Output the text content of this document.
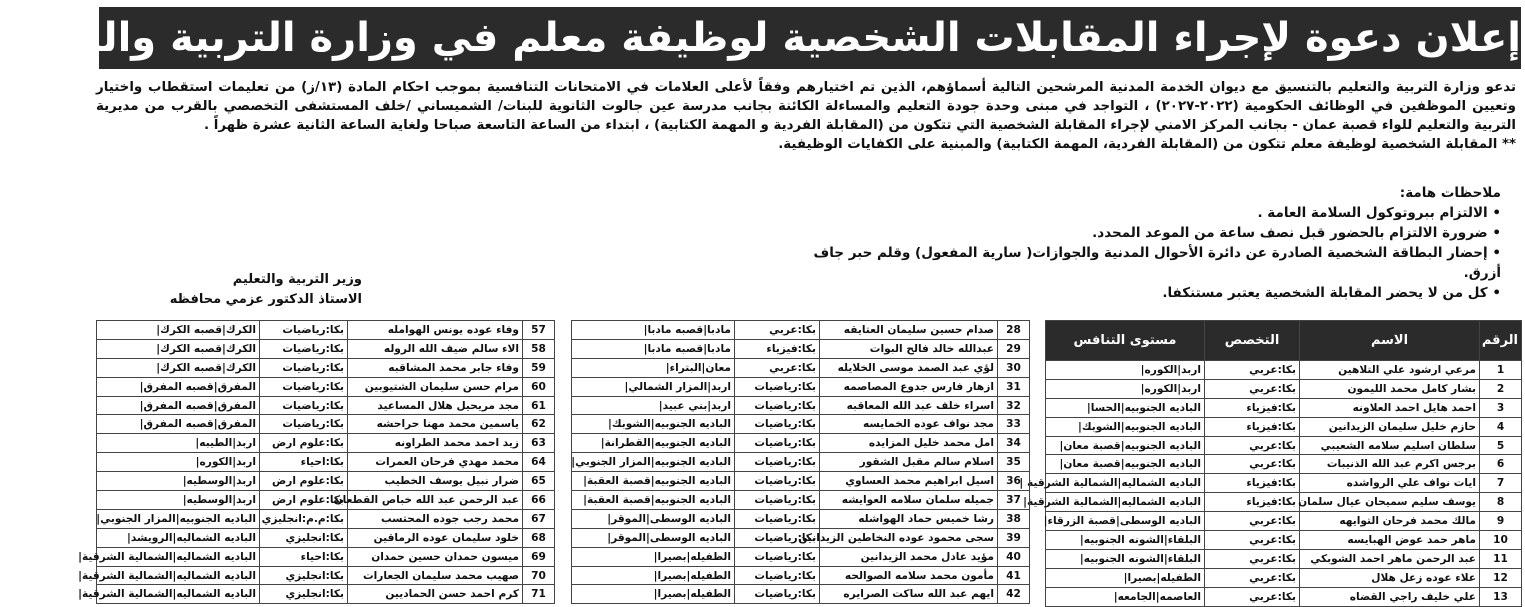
إعلان دعوة لإجراء المقابلات الشخصية لوظيفة معلم في وزارة التربية والتعليم

تدعو وزارة التربية والتعليم بالتنسيق مع ديوان الخدمة المدنية المرشحين التالية أسماؤهم، الذين تم اختيارهم وفقاً لأعلى العلامات في الامتحانات التنافسية بموجب احكام المادة (١٣/ز) من تعليمات استقطاب واختيار وتعيين الموظفين في الوظائف الحكومية (٢٠٢٢-٢٠٢٧) ، التواجد في مبنى وحدة جودة التعليم والمساءلة الكائنة بجانب مدرسة عين جالوت الثانوية للبنات/ الشميساني /خلف المستشفى التخصصي بالقرب من مديرية التربية والتعليم للواء قصبة عمان - بجانب المركز الامني لإجراء المقابلة الشخصية التي تتكون من (المقابلة الفردية و المهمة الكتابية) ، ابتداء من الساعة التاسعة صباحا ولغاية الساعة الثانية عشرة ظهراً .

** المقابلة الشخصية لوظيفة معلم تتكون من (المقابلة الفردية، المهمة الكتابية) والمبنية على الكفايات الوظيفية.

ملاحظات هامة:
• الالتزام ببروتوكول السلامة العامة .
• ضرورة الالتزام بالحضور قبل نصف ساعة من الموعد المحدد.
• إحضار البطاقة الشخصية الصادرة عن دائرة الأحوال المدنية والجوازات( سارية المفعول) وقلم حبر جاف أزرق.
• كل من لا يحضر المقابلة الشخصية يعتبر مستنكفا.
وزير التربية والتعليم
الاستاذ الدكتور عزمي محافظه
الرقم	الاسم	التخصص	مستوى التنافس
1	مرعي ارشود علي التلاهين	بكا:عربي	اربد|الكوره|
2	بشار كامل محمد الليمون	بكا:عربي	اربد|الكوره|
3	احمد هايل احمد العلاونه	بكا:فيزياء	الباديه الجنوبيه|الحسا|
4	حازم خليل سليمان الزيدانين	بكا:فيزياء	الباديه الجنوبيه|الشوبك|
5	سلطان اسليم سلامه الشعيبي	بكا:عربي	الباديه الجنوبيه|قصبة معان|
6	برجس اكرم عبد الله الذنيبات	بكا:عربي	الباديه الجنوبيه|قصبة معان|
7	ايات نواف علي الرواشده	بكا:فيزياء	الباديه الشماليه|الشمالية الشرقية |
8	يوسف سليم سميحان عيال سلمان	بكا:فيزياء	الباديه الشماليه|الشمالية الشرقية|
9	مالك محمد فرحان التوايهه	بكا:عربي	الباديه الوسطى|قصبة الزرقاء|
10	ماهر حمد عوض الهبايسه	بكا:عربي	البلقاء|الشونه الجنوبيه|
11	عبد الرحمن ماهر احمد الشوبكي	بكا:عربي	البلقاء|الشونه الجنوبيه|
12	علاء عوده زعل هلال	بكا:عربي	الطفيله|بصيرا|
13	علي خليف راجي القضاه	بكا:عربي	العاصمه|الجامعه|
28	صدام حسين سليمان العتايقه	بكا:عربي	مادبا|قصبه مادبا|
29	عبدالله خالد فالح البوات	بكا:فيزياء	مادبا|قصبه مادبا|
30	لؤي عبد الصمد موسى الخلايله	بكا:عربي	معان|البتراء|
31	ازهار فارس جدوع المصاصمه	بكا:رياضيات	اربد|المزار الشمالي|
32	اسراء خلف عبد الله المعاقبه	بكا:رياضيات	اربد|بني عبيد|
33	مجد نواف عوده الخمايسه	بكا:رياضيات	الباديه الجنوبيه|الشوبك|
34	امل محمد خليل المزايده	بكا:رياضيات	الباديه الجنوبيه|القطرانة|
35	اسلام سالم مقبل الشقور	بكا:رياضيات	الباديه الجنوبيه|المزار الجنوبي|
36	اسيل ابراهيم محمد العساوي	بكا:رياضيات	الباديه الجنوبيه|قصبة العقبة|
37	جميله سلمان سلامه العوايشه	بكا:رياضيات	الباديه الجنوبيه|قصبة العقبة|
38	رشا خميس حماد الهواشله	بكا:رياضيات	الباديه الوسطى|الموقر|
39	سجى محمود عوده النخاطين الزيدانين	بكا:رياضيات	الباديه الوسطى|الموقر|
40	مؤيد عادل محمد الزيدانين	بكا:رياضيات	الطفيله|بصيرا|
41	مأمون محمد سلامه الصوالحه	بكا:رياضيات	الطفيله|بصيرا|
42	ايهم عبد الله ساكت الصرايره	بكا:رياضيات	الطفيله|بصيرا|
57	وفاء عوده يونس الهوامله	بكا:رياضيات	الكرك|قصبه الكرك|
58	الاء سالم ضيف الله الروله	بكا:رياضيات	الكرك|قصبه الكرك|
59	وفاء جابر محمد المشاقبه	بكا:رياضيات	الكرك|قصبه الكرك|
60	مرام حسن سليمان الشتيوبين	بكا:رياضيات	المفرق|قصبه المفرق|
61	مجد مريحيل هلال المساعيد	بكا:رياضيات	المفرق|قصبه المفرق|
62	ياسمين محمد مهنا حراحشه	بكا:رياضيات	المفرق|قصبه المفرق|
63	زيد احمد محمد الطراونه	بكا:علوم ارض	اربد|الطيبه|
64	محمد مهدي فرحان العمرات	بكا:احياء	اربد|الكوره|
65	ضرار نبيل يوسف الخطيب	بكا:علوم ارض	اربد|الوسطيه|
66	عبد الرحمن عبد الله خباص القطعان	بكا:علوم ارض	اربد|الوسطيه|
67	محمد رجب جوده المحتسب	بكا:م.م:انجليزي	الباديه الجنوبيه|المزار الجنوبي|
68	خلود سليمان عوده الرماقين	بكا:انجليزي	الباديه الشماليه|الرويشد|
69	ميسون حمدان حسين حمدان	بكا:احياء	الباديه الشماليه|الشمالية الشرقية|
70	صهيب محمد سليمان الجعارات	بكا:انجليزي	الباديه الشماليه|الشمالية الشرقية|
71	كرم احمد حسن الحماديين	بكا:انجليزي	الباديه الشماليه|الشمالية الشرقية|
